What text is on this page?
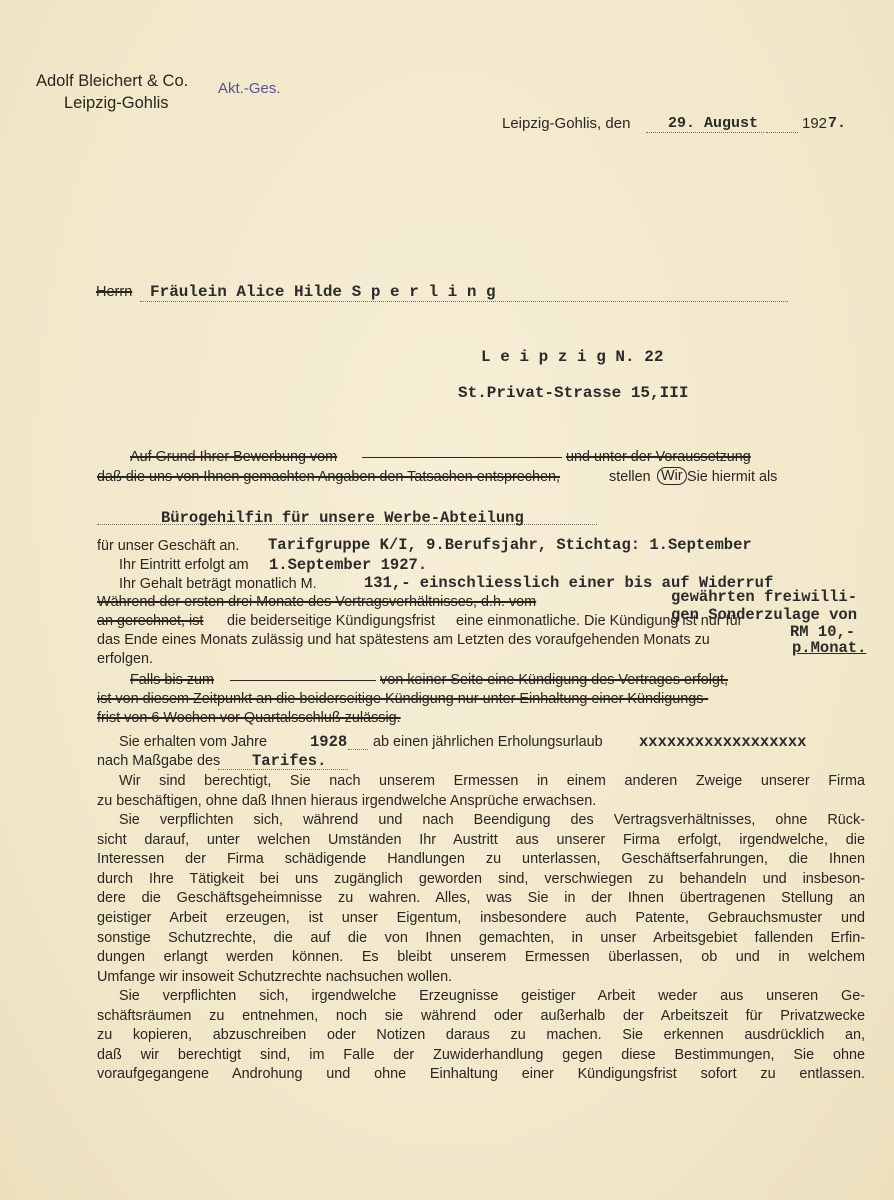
Adolf Bleichert & Co. Akt.-Ges.
Leipzig-Gohlis
Leipzig-Gohlis, den	29. August	192 7.
Herrn Fräulein Alice Hilde S p e r l i n g
L e i p z i g N. 22
St.Privat-Strasse 15,III
Auf Grund Ihrer Bewerbung vom	und unter der Voraussetzung
daß die uns von Ihnen gemachten Angaben den Tatsachen entsprechen,	stellen Wir Sie hiermit als
Bürogehilfin für unsere Werbe-Abteilung
für unser Geschäft an. Tarifgruppe K/I, 9.Berufsjahr, Stichtag: 1.September
Ihr Eintritt erfolgt am 1.September 1927.
Ihr Gehalt beträgt monatlich M.	131,- einschliesslich einer bis auf Widerruf
gewährten freiwilli-
Während der ersten drei Monate des Vertragsverhältnisses, d.h. vom
an gerechnet, ist die beiderseitige Kündigungsfrist eine einmonatliche. Die Kündigung ist nur für
gen Sonderzulage von
RM 10,-
das Ende eines Monats zulässig und hat spätestens am Letzten des voraufgehenden Monats zu	p.Monat.
erfolgen.
Falls bis zum	von keiner Seite eine Kündigung des Vertrages erfolgt,
ist von diesem Zeitpunkt an die beiderseitige Kündigung nur unter Einhaltung einer Kündigungs-
frist von 6 Wochen vor Quartalsschluß zulässig.
Sie erhalten vom Jahre	1928 ab einen jährlichen Erholungsurlaub xxxxxxxxxxxxxxxxxx
nach Maßgabe des Tarifes.
Wir sind berechtigt, Sie nach unserem Ermessen in einem anderen Zweige unserer Firma
zu beschäftigen, ohne daß Ihnen hieraus irgendwelche Ansprüche erwachsen.
Sie verpflichten sich, während und nach Beendigung des Vertragsverhältnisses, ohne Rück-
sicht darauf, unter welchen Umständen Ihr Austritt aus unserer Firma erfolgt, irgendwelche, die
Interessen der Firma schädigende Handlungen zu unterlassen, Geschäftserfahrungen, die Ihnen
durch Ihre Tätigkeit bei uns zugänglich geworden sind, verschwiegen zu behandeln und insbeson-
dere die Geschäftsgeheimnisse zu wahren. Alles, was Sie in der Ihnen übertragenen Stellung an
geistiger Arbeit erzeugen, ist unser Eigentum, insbesondere auch Patente, Gebrauchsmuster und
sonstige Schutzrechte, die auf die von Ihnen gemachten, in unser Arbeitsgebiet fallenden Erfin-
dungen erlangt werden können. Es bleibt unserem Ermessen überlassen, ob und in welchem
Umfange wir insoweit Schutzrechte nachsuchen wollen.
Sie verpflichten sich, irgendwelche Erzeugnisse geistiger Arbeit weder aus unseren Ge-
schäftsräumen zu entnehmen, noch sie während oder außerhalb der Arbeitszeit für Privatzwecke
zu kopieren, abzuschreiben oder Notizen daraus zu machen. Sie erkennen ausdrücklich an,
daß wir berechtigt sind, im Falle der Zuwiderhandlung gegen diese Bestimmungen, Sie ohne
voraufgegangene Androhung und ohne Einhaltung einer Kündigungsfrist sofort zu entlassen.
